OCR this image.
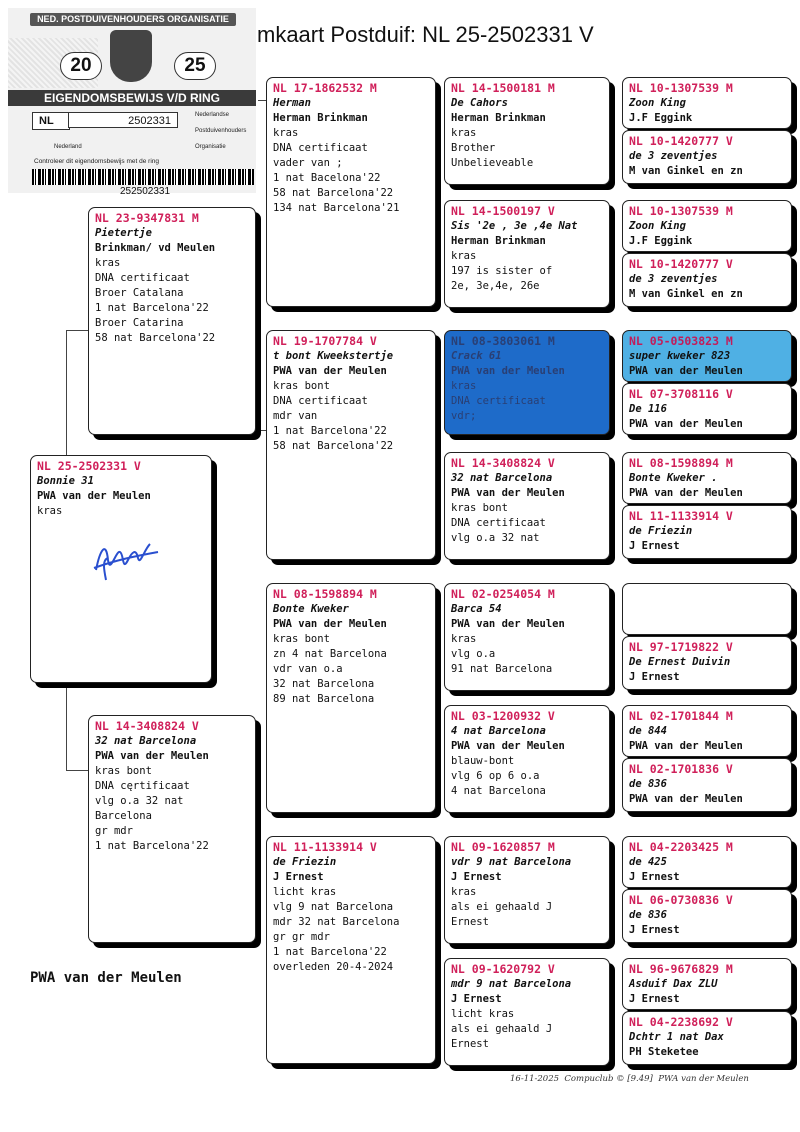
mkaart Postduif: NL 25-2502331 V
NED. POSTDUIVENHOUDERS ORGANISATIE
20	25
EIGENDOMSBEWIJS V/D RING
NL	2502331	Nederlandse
Postduivenhouders
Organisatie
Nederland
Controleer dit eigendomsbewijs met de ring
252502331
NL 25-2502331 V
Bonnie 31
PWA van der Meulen
kras
NL 23-9347831 M
Pietertje
Brinkman/ vd Meulen
kras
DNA certificaat
Broer Catalana
1 nat Barcelona'22
Broer Catarina
58 nat Barcelona'22
NL 14-3408824 V
32 nat Barcelona
PWA van der Meulen
kras bont
DNA cęrtificaat
vlg o.a 32 nat
Barcelona
gr mdr
1 nat Barcelona'22
NL 17-1862532 M
Herman
Herman Brinkman
kras
DNA certificaat
vader van ;
1 nat Bacelona'22
58 nat Barcelona'22
134 nat Barcelona'21
NL 19-1707784 V
t bont Kweekstertje
PWA van der Meulen
kras bont
DNA certificaat
mdr van
1 nat Barcelona'22
58 nat Barcelona'22
NL 08-1598894 M
Bonte Kweker
PWA van der Meulen
kras bont
zn 4 nat Barcelona
vdr van o.a
32 nat Barcelona
89 nat Barcelona
NL 11-1133914 V
de Friezin
J Ernest
licht kras
vlg 9 nat Barcelona
mdr 32 nat Barcelona
gr gr mdr
1 nat Barcelona'22
overleden 20-4-2024
NL 14-1500181 M
De Cahors
Herman Brinkman
kras
Brother
Unbelieveable
NL 14-1500197 V
Sis '2e , 3e ,4e Nat
Herman Brinkman
kras
197 is sister of
2e, 3e,4e, 26e
NL 08-3803061 M
Crack 61
PWA van der Meulen
kras
DNA certificaat
vdr;
NL 14-3408824 V
32 nat Barcelona
PWA van der Meulen
kras bont
DNA certificaat
vlg o.a 32 nat
NL 02-0254054 M
Barca 54
PWA van der Meulen
kras
vlg o.a
91 nat Barcelona
NL 03-1200932 V
4 nat Barcelona
PWA van der Meulen
blauw-bont
vlg 6 op 6 o.a
4 nat Barcelona
NL 09-1620857 M
vdr 9 nat Barcelona
J Ernest
kras
als ei gehaald J
Ernest
NL 09-1620792 V
mdr 9 nat Barcelona
J Ernest
licht kras
als ei gehaald J
Ernest
NL 10-1307539 M
Zoon King
J.F Eggink
NL 10-1420777 V
de 3 zeventjes
M van Ginkel en zn
NL 10-1307539 M
Zoon King
J.F Eggink
NL 10-1420777 V
de 3 zeventjes
M van Ginkel en zn
NL 05-0503823 M
super kweker 823
PWA van der Meulen
NL 07-3708116 V
De 116
PWA van der Meulen
NL 08-1598894 M
Bonte Kweker .
PWA van der Meulen
NL 11-1133914 V
de Friezin
J Ernest
NL 97-1719822 V
De Ernest Duivin
J Ernest
NL 02-1701844 M
de 844
PWA van der Meulen
NL 02-1701836 V
de 836
PWA van der Meulen
NL 04-2203425 M
de 425
J Ernest
NL 06-0730836 V
de 836
J Ernest
NL 96-9676829 M
Asduif Dax ZLU
J Ernest
NL 04-2238692 V
Dchtr 1 nat Dax
PH Steketee
PWA van der Meulen
16-11-2025  Compuclub © [9.49]  PWA van der Meulen
